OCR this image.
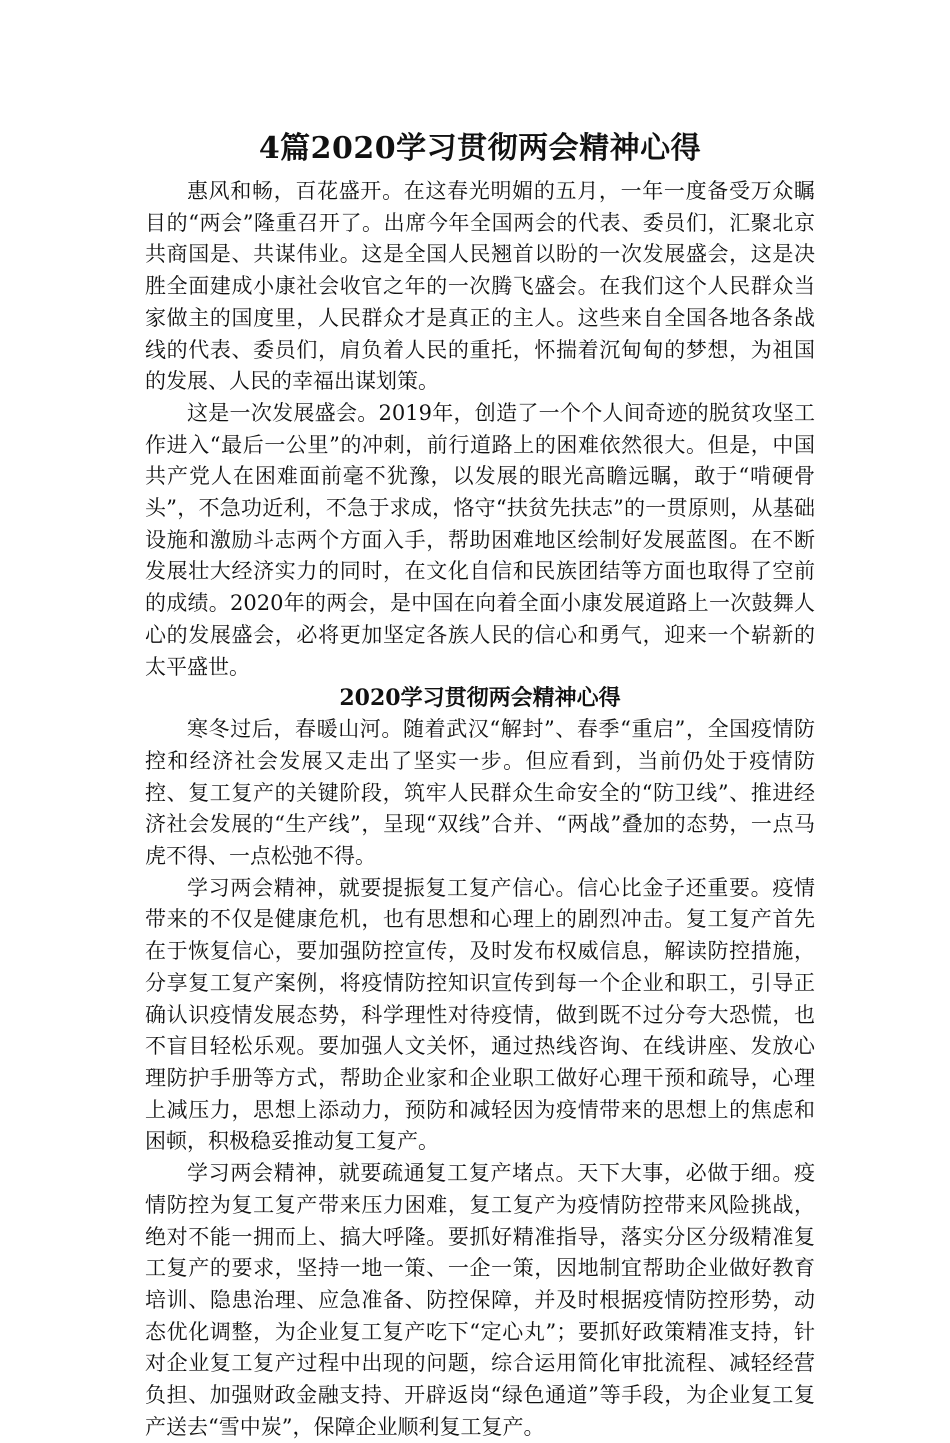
4篇2020学习贯彻两会精神心得

惠风和畅，百花盛开。在这春光明媚的五月，一年一度备受万众瞩目的“两会”隆重召开了。出席今年全国两会的代表、委员们，汇聚北京共商国是、共谋伟业。这是全国人民翘首以盼的一次发展盛会，这是决胜全面建成小康社会收官之年的一次腾飞盛会。在我们这个人民群众当家做主的国度里，人民群众才是真正的主人。这些来自全国各地各条战线的代表、委员们，肩负着人民的重托，怀揣着沉甸甸的梦想，为祖国的发展、人民的幸福出谋划策。

这是一次发展盛会。2019年，创造了一个个人间奇迹的脱贫攻坚工作进入“最后一公里”的冲刺，前行道路上的困难依然很大。但是，中国共产党人在困难面前毫不犹豫，以发展的眼光高瞻远瞩，敢于“啃硬骨头”，不急功近利，不急于求成，恪守“扶贫先扶志”的一贯原则，从基础设施和激励斗志两个方面入手，帮助困难地区绘制好发展蓝图。在不断发展壮大经济实力的同时，在文化自信和民族团结等方面也取得了空前的成绩。2020年的两会，是中国在向着全面小康发展道路上一次鼓舞人心的发展盛会，必将更加坚定各族人民的信心和勇气，迎来一个崭新的太平盛世。

2020学习贯彻两会精神心得

寒冬过后，春暖山河。随着武汉“解封”、春季“重启”，全国疫情防控和经济社会发展又走出了坚实一步。但应看到，当前仍处于疫情防控、复工复产的关键阶段，筑牢人民群众生命安全的“防卫线”、推进经济社会发展的“生产线”，呈现“双线”合并、“两战”叠加的态势，一点马虎不得、一点松弛不得。

学习两会精神，就要提振复工复产信心。信心比金子还重要。疫情带来的不仅是健康危机，也有思想和心理上的剧烈冲击。复工复产首先在于恢复信心，要加强防控宣传，及时发布权威信息，解读防控措施，分享复工复产案例，将疫情防控知识宣传到每一个企业和职工，引导正确认识疫情发展态势，科学理性对待疫情，做到既不过分夸大恐慌，也不盲目轻松乐观。要加强人文关怀，通过热线咨询、在线讲座、发放心理防护手册等方式，帮助企业家和企业职工做好心理干预和疏导，心理上减压力，思想上添动力，预防和减轻因为疫情带来的思想上的焦虑和困顿，积极稳妥推动复工复产。

学习两会精神，就要疏通复工复产堵点。天下大事，必做于细。疫情防控为复工复产带来压力困难，复工复产为疫情防控带来风险挑战，绝对不能一拥而上、搞大呼隆。要抓好精准指导，落实分区分级精准复工复产的要求，坚持一地一策、一企一策，因地制宜帮助企业做好教育培训、隐患治理、应急准备、防控保障，并及时根据疫情防控形势，动态优化调整，为企业复工复产吃下“定心丸”；要抓好政策精准支持，针对企业复工复产过程中出现的问题，综合运用简化审批流程、减轻经营负担、加强财政金融支持、开辟返岗“绿色通道”等手段，为企业复工复产送去“雪中炭”，保障企业顺利复工复产。
